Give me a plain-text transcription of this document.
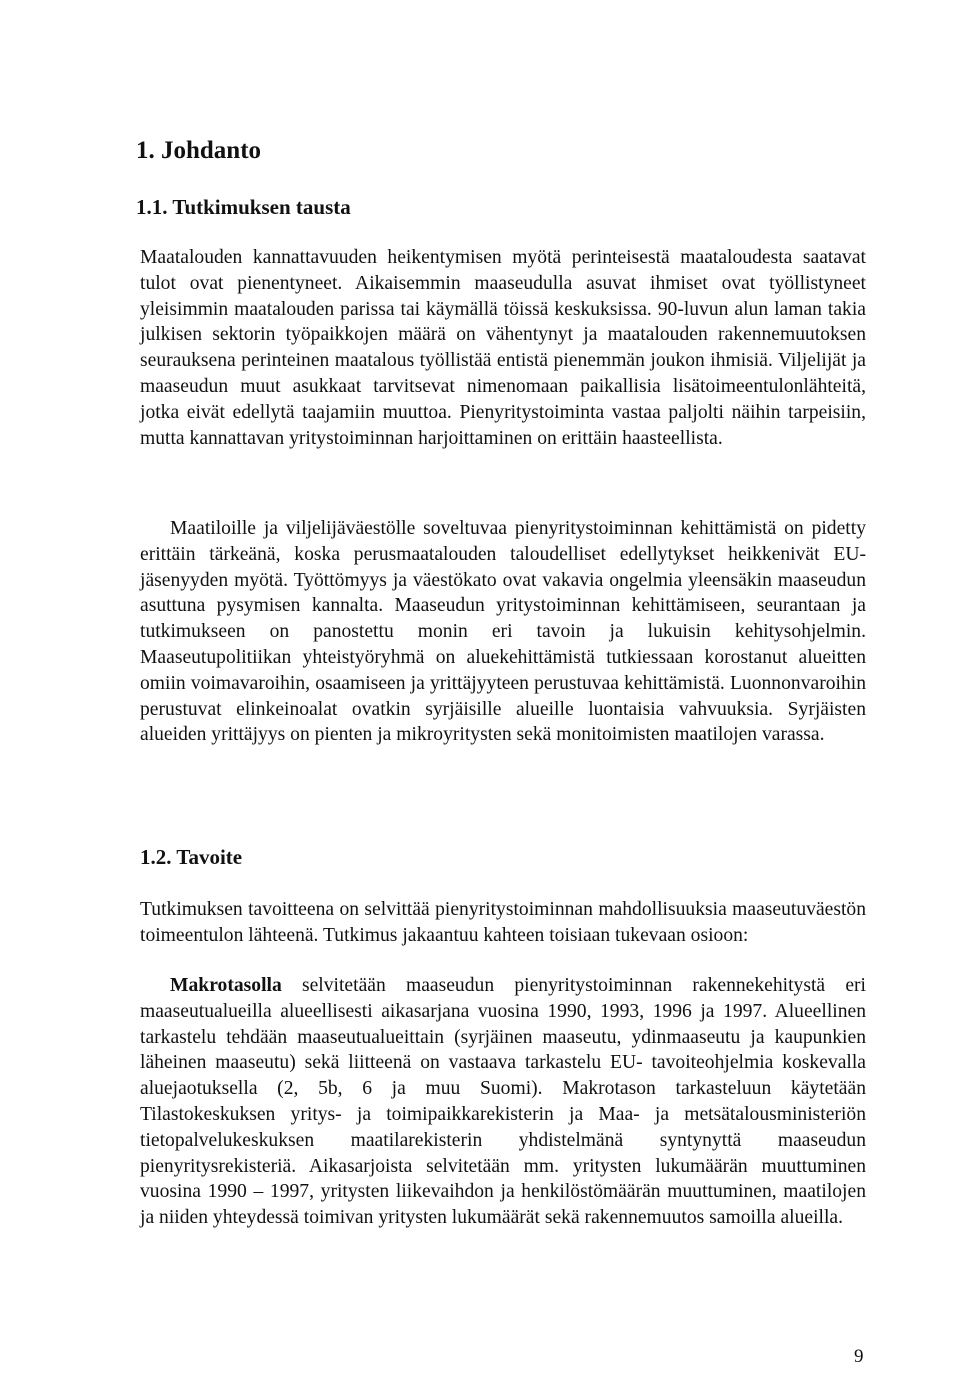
1. Johdanto
1.1. Tutkimuksen tausta

Maatalouden kannattavuuden heikentymisen myötä perinteisestä maataloudesta saatavat tulot ovat pienentyneet. Aikaisemmin maaseudulla asuvat ihmiset ovat työllistyneet yleisimmin maatalouden parissa tai käymällä töissä keskuksissa. 90-luvun alun laman takia julkisen sektorin työpaikkojen määrä on vähentynyt ja maatalouden rakennemuutoksen seurauksena perinteinen maatalous työllistää entistä pienemmän joukon ihmisiä. Viljelijät ja maaseudun muut asukkaat tarvitsevat nimenomaan paikallisia lisätoimeentulonlähteitä, jotka eivät edellytä taajamiin muuttoa. Pienyritystoiminta vastaa paljolti näihin tarpeisiin, mutta kannattavan yritystoiminnan harjoittaminen on erittäin haasteellista.

Maatiloille ja viljelijäväestölle soveltuvaa pienyritystoiminnan kehittämistä on pidetty erittäin tärkeänä, koska perusmaatalouden taloudelliset edellytykset heikkenivät EU-jäsenyyden myötä. Työttömyys ja väestökato ovat vakavia ongelmia yleensäkin maaseudun asuttuna pysymisen kannalta. Maaseudun yritystoiminnan kehittämiseen, seurantaan ja tutkimukseen on panostettu monin eri tavoin ja lukuisin kehitysohjelmin. Maaseutupolitiikan yhteistyöryhmä on aluekehittämistä tutkiessaan korostanut alueitten omiin voimavaroihin, osaamiseen ja yrittäjyyteen perustuvaa kehittämistä. Luonnonvaroihin perustuvat elinkeinoalat ovatkin syrjäisille alueille luontaisia vahvuuksia. Syrjäisten alueiden yrittäjyys on pienten ja mikroyritysten sekä monitoimisten maatilojen varassa.

1.2. Tavoite

Tutkimuksen tavoitteena on selvittää pienyritystoiminnan mahdollisuuksia maaseutuväestön toimeentulon lähteenä. Tutkimus jakaantuu kahteen toisiaan tukevaan osioon:

Makrotasolla selvitetään maaseudun pienyritystoiminnan rakennekehitystä eri maaseutualueilla alueellisesti aikasarjana vuosina 1990, 1993, 1996 ja 1997. Alueellinen tarkastelu tehdään maaseutualueittain (syrjäinen maaseutu, ydinmaaseutu ja kaupunkien läheinen maaseutu) sekä liitteenä on vastaava tarkastelu EU- tavoiteohjelmia koskevalla aluejaotuksella (2, 5b, 6 ja muu Suomi). Makrotason tarkasteluun käytetään Tilastokeskuksen yritys- ja toimipaikkarekisterin ja Maa- ja metsätalousministeriön tietopalvelukeskuksen maatilarekisterin yhdistelmänä syntynyttä maaseudun pienyritysrekisteriä. Aikasarjoista selvitetään mm. yritysten lukumäärän muuttuminen vuosina 1990 – 1997, yritysten liikevaihdon ja henkilöstömäärän muuttuminen, maatilojen ja niiden yhteydessä toimivan yritysten lukumäärät sekä rakennemuutos samoilla alueilla.

9
